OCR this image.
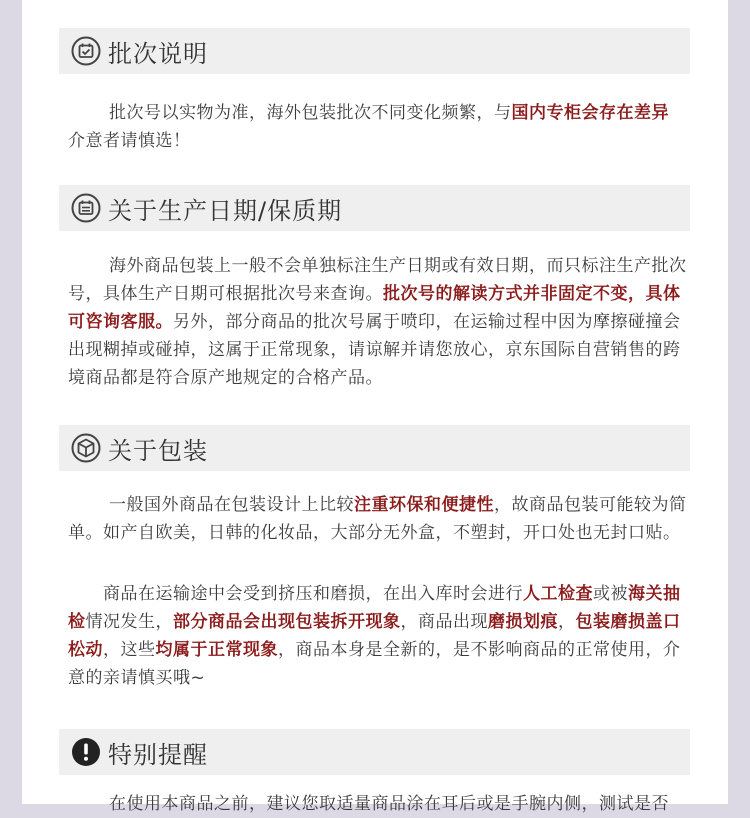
批次说明

批次号以实物为准，海外包装批次不同变化频繁，与国内专柜会存在差异
介意者请慎选！

关于生产日期/保质期

海外商品包装上一般不会单独标注生产日期或有效日期，而只标注生产批次号，具体生产日期可根据批次号来查询。批次号的解读方式并非固定不变，具体可咨询客服。另外，部分商品的批次号属于喷印，在运输过程中因为摩擦碰撞会出现糊掉或碰掉，这属于正常现象，请谅解并请您放心，京东国际自营销售的跨境商品都是符合原产地规定的合格产品。

关于包装

一般国外商品在包装设计上比较注重环保和便捷性，故商品包装可能较为简单。如产自欧美，日韩的化妆品，大部分无外盒，不塑封，开口处也无封口贴。

商品在运输途中会受到挤压和磨损，在出入库时会进行人工检查或被海关抽检情况发生，部分商品会出现包装拆开现象，商品出现磨损划痕，包装磨损盖口松动，这些均属于正常现象，商品本身是全新的，是不影响商品的正常使用，介意的亲请慎买哦~

特别提醒

在使用本商品之前，建议您取适量商品涂在耳后或是手腕内侧，测试是否
